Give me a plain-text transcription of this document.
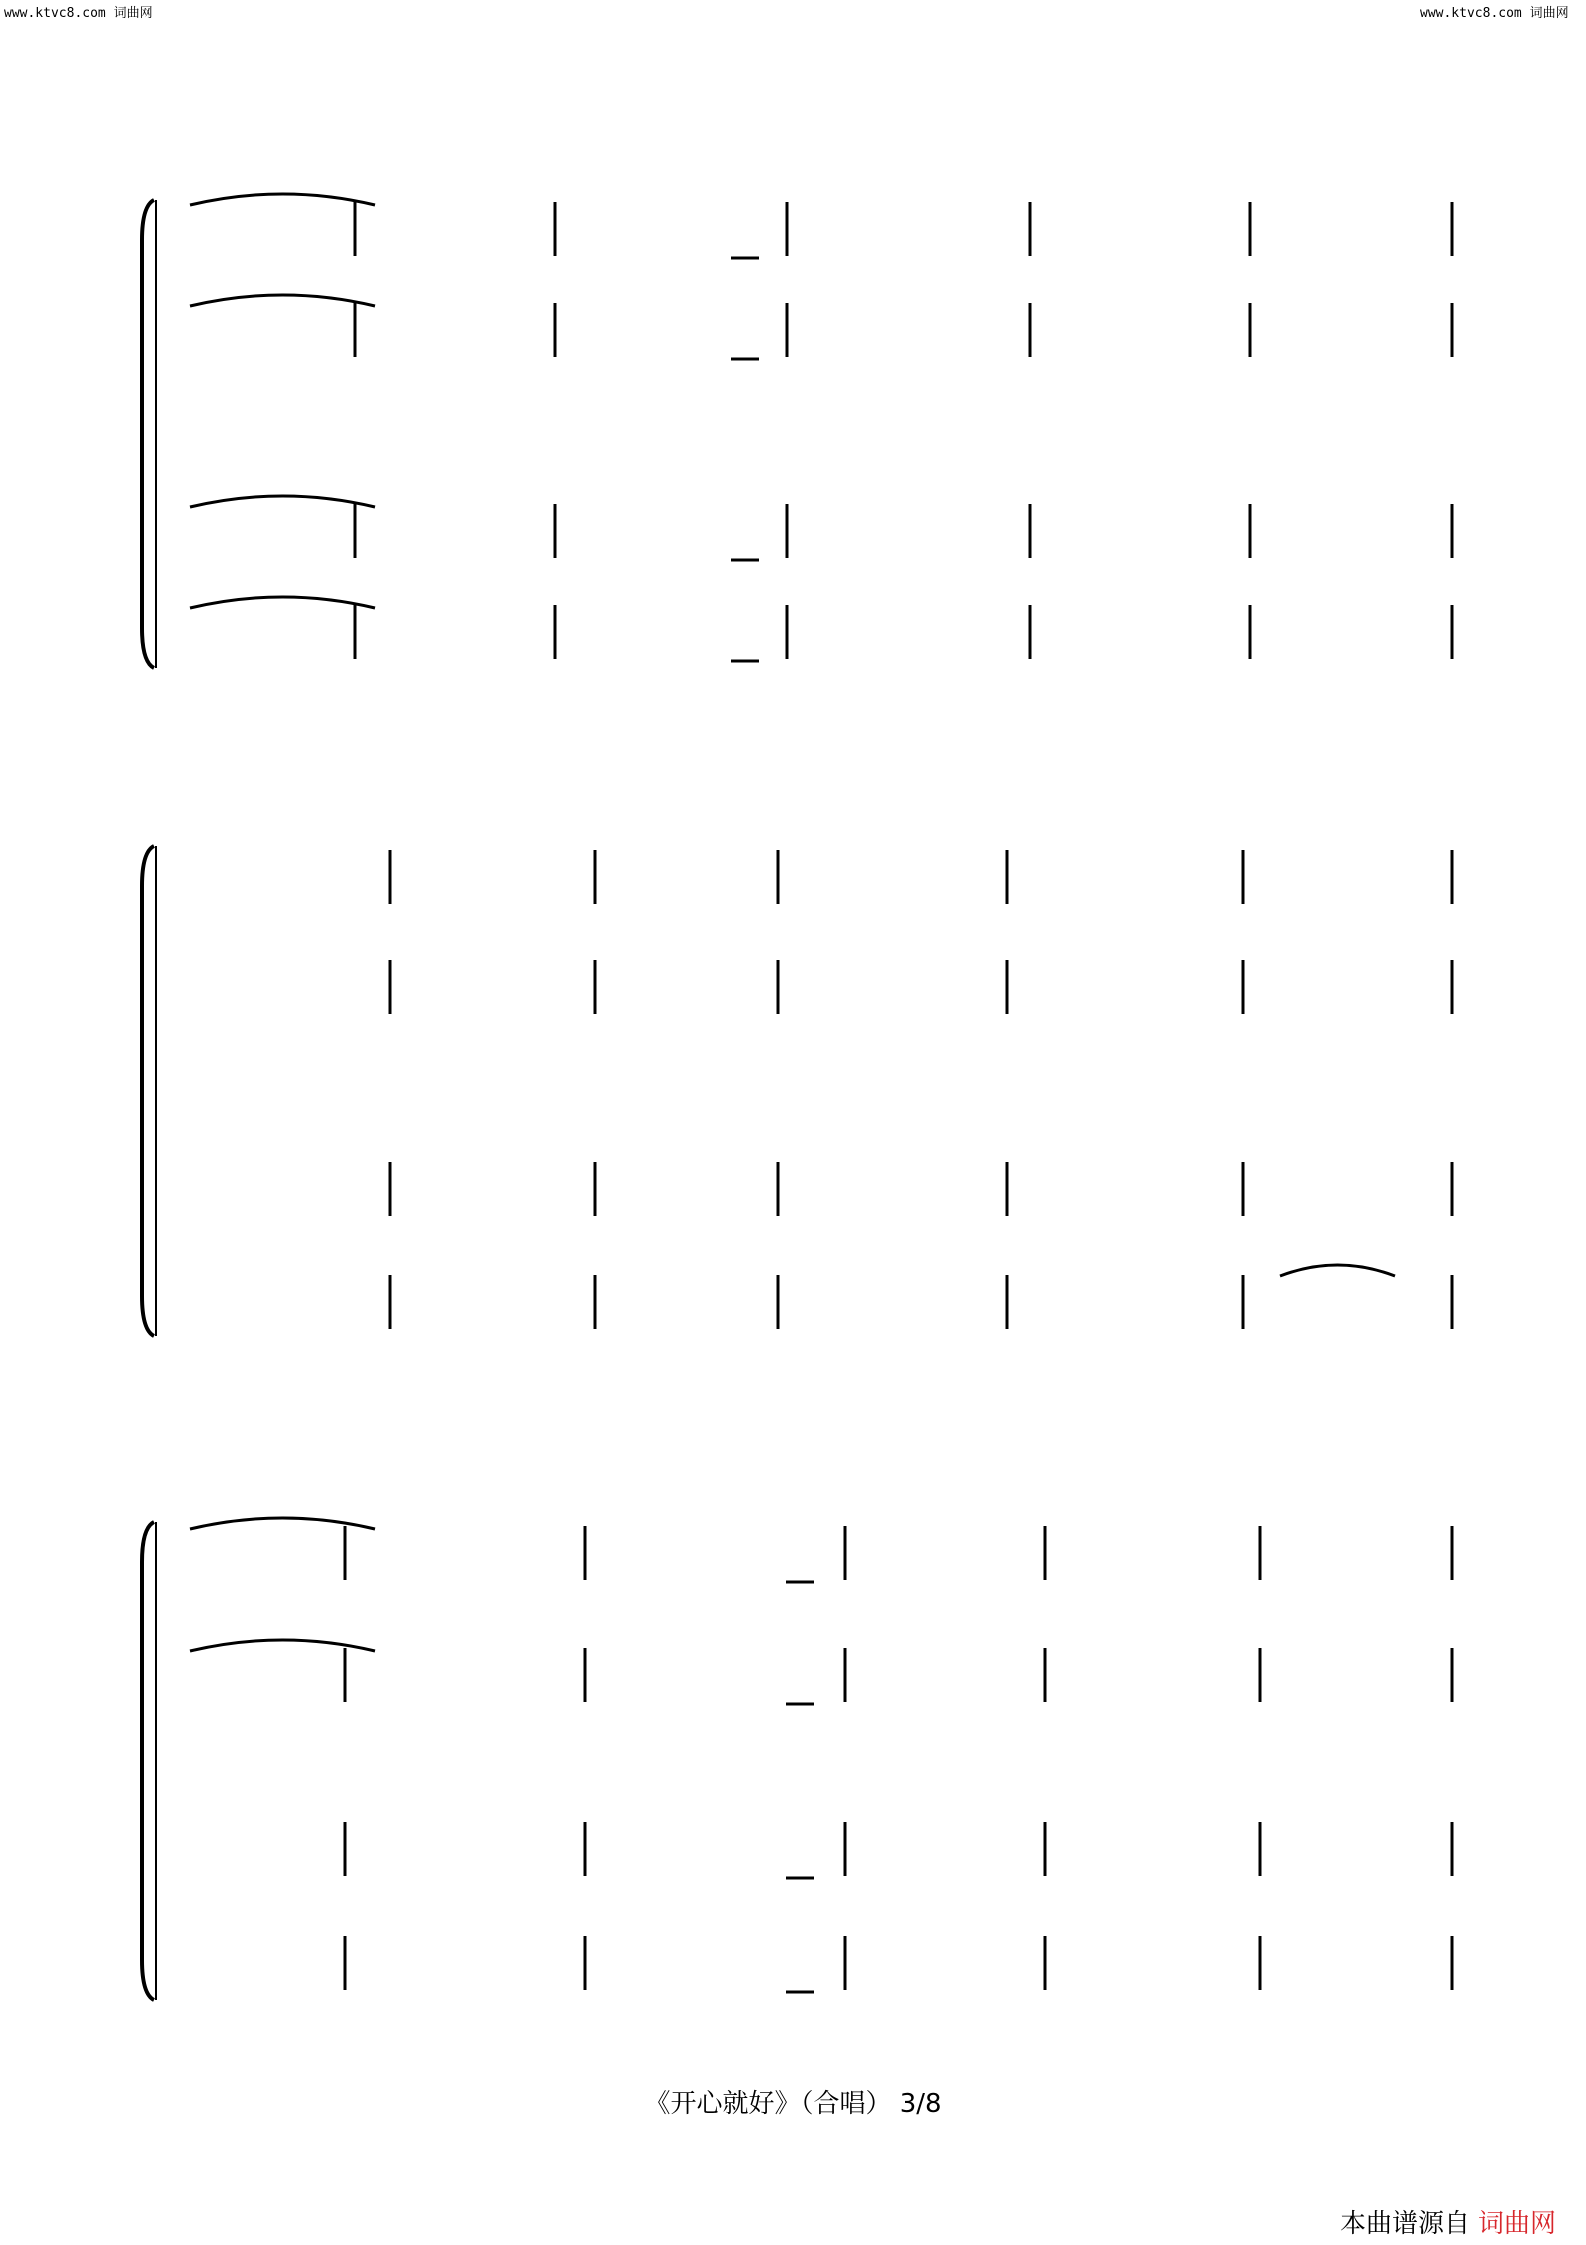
www.ktvc8.com 词曲网	www.ktvc8.com 词曲网
《开心就好》（合唱） 3/8
本曲谱源自 词曲网
